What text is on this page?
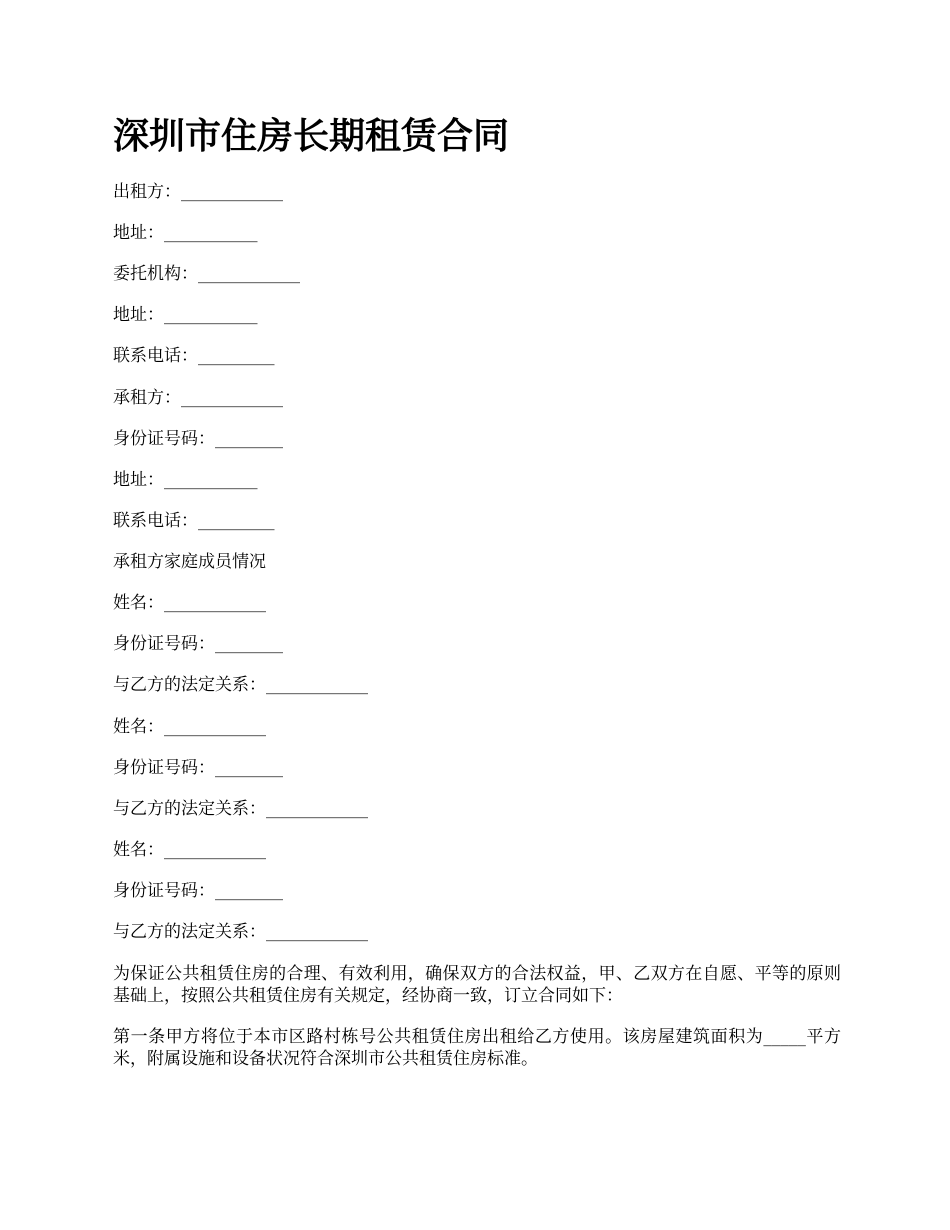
深圳市住房长期租赁合同

出租方：____________

地址：___________

委托机构：____________

地址：___________

联系电话：_________

承租方：____________

身份证号码：________

地址：___________

联系电话：_________

承租方家庭成员情况

姓名：____________

身份证号码：________

与乙方的法定关系：____________

姓名：____________

身份证号码：________

与乙方的法定关系：____________

姓名：____________

身份证号码：________

与乙方的法定关系：____________

为保证公共租赁住房的合理、有效利用，确保双方的合法权益，甲、乙双方在自愿、平等的原则基础上，按照公共租赁住房有关规定，经协商一致，订立合同如下：

第一条甲方将位于本市区路村栋号公共租赁住房出租给乙方使用。该房屋建筑面积为_____平方米，附属设施和设备状况符合深圳市公共租赁住房标准。
